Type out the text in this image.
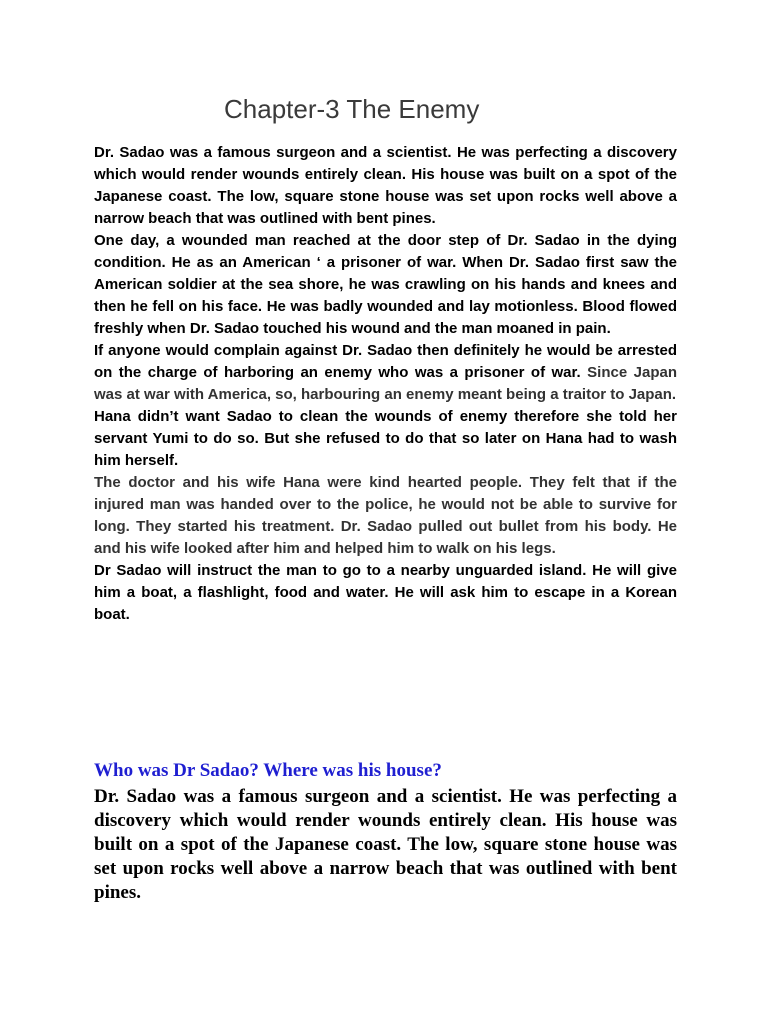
Chapter-3 The Enemy

Dr. Sadao was a famous surgeon and a scientist. He was perfecting a discovery which would render wounds entirely clean. His house was built on a spot of the Japanese coast. The low, square stone house was set upon rocks well above a narrow beach that was outlined with bent pines.

One day, a wounded man reached at the door step of Dr. Sadao in the dying condition. He as an American ‘ a prisoner of war. When Dr. Sadao first saw the American soldier at the sea shore, he was crawling on his hands and knees and then he fell on his face. He was badly wounded and lay motionless. Blood flowed freshly when Dr. Sadao touched his wound and the man moaned in pain.

If anyone would complain against Dr. Sadao then definitely he would be arrested on the charge of harboring an enemy who was a prisoner of war. Since Japan was at war with America, so, harbouring an enemy meant being a traitor to Japan.

Hana didn’t want Sadao to clean the wounds of enemy therefore she told her servant Yumi to do so. But she refused to do that so later on Hana had to wash him herself.

The doctor and his wife Hana were kind hearted people. They felt that if the injured man was handed over to the police, he would not be able to survive for long. They started his treatment. Dr. Sadao pulled out bullet from his body. He and his wife looked after him and helped him to walk on his legs.

Dr Sadao will instruct the man to go to a nearby unguarded island. He will give him a boat, a flashlight, food and water. He will ask him to escape in a Korean boat.

Who was Dr Sadao? Where was his house?

Dr. Sadao was a famous surgeon and a scientist. He was perfecting a discovery which would render wounds entirely clean. His house was built on a spot of the Japanese coast. The low, square stone house was set upon rocks well above a narrow beach that was outlined with bent pines.
